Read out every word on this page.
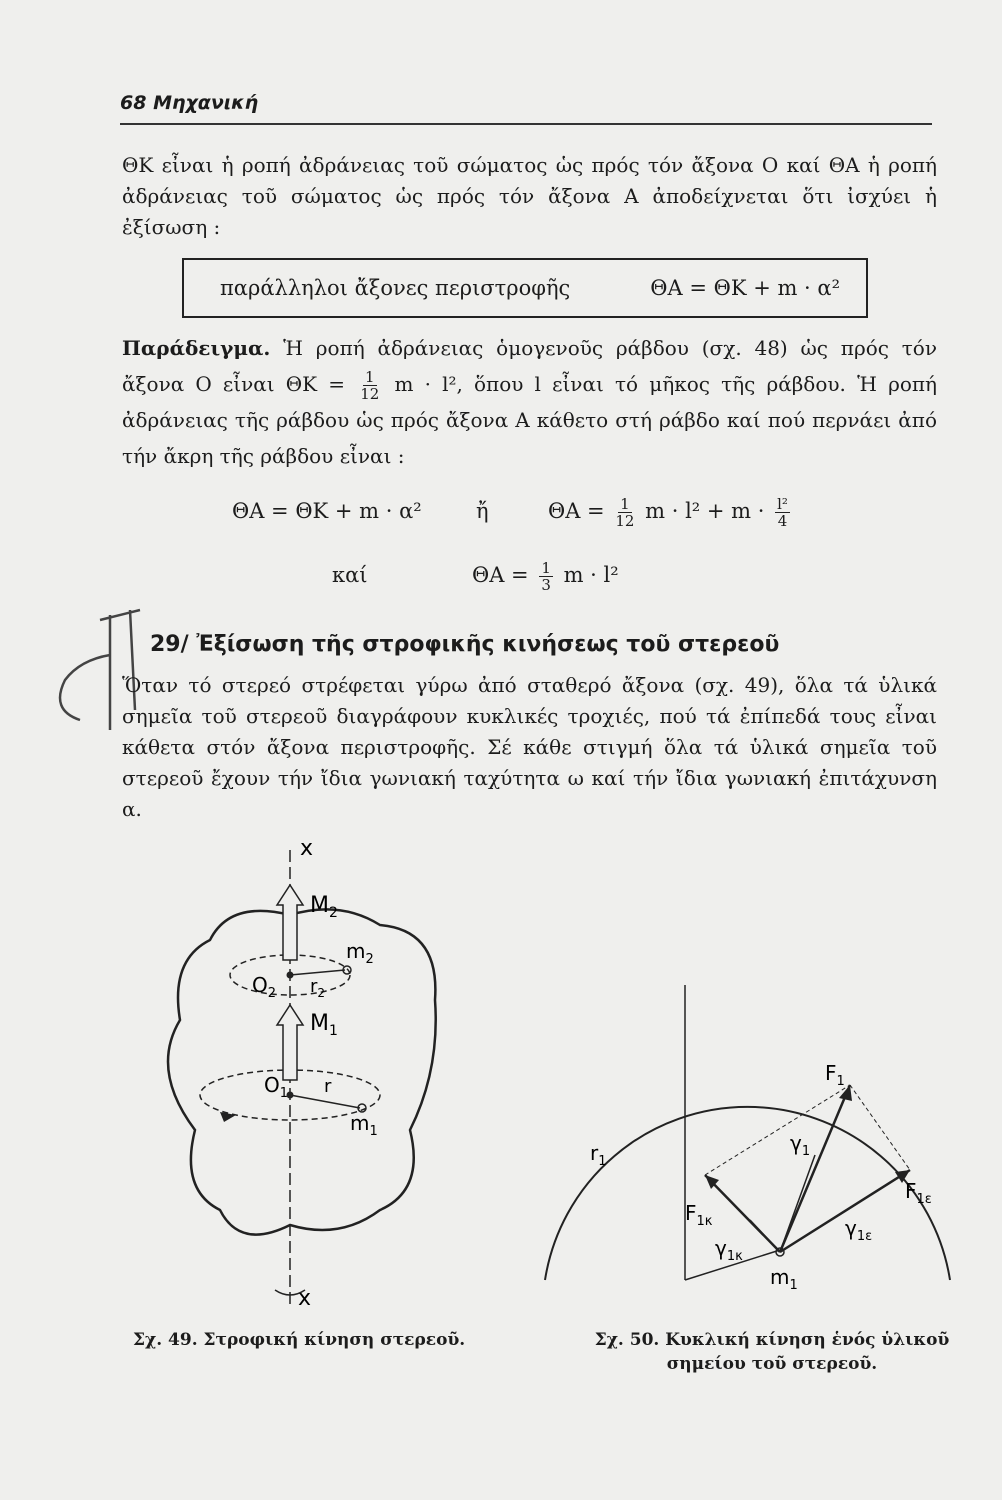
68 Μηχανική
ΘK εἶναι ἡ ροπή ἀδράνειας τοῦ σώματος ὡς πρός τόν ἄξονα Ο καί ΘA ἡ ροπή ἀδράνειας τοῦ σώματος ὡς πρός τόν ἄξονα Α ἀποδείχνεται ὅτι ἰσχύει ἡ ἐξίσωση :
παράλληλοι ἄξονες περιστροφῆς	ΘA = ΘK + m · α²
Παράδειγμα. Ἡ ροπή ἀδράνειας ὁμογενοῦς ράβδου (σχ. 48) ὡς πρός τόν ἄξονα Ο εἶναι $\Theta K = \frac{1}{12}$ m · l², ὅπου l εἶναι τό μῆκος τῆς ράβδου. Ἡ ροπή ἀδράνειας τῆς ράβδου ὡς πρός ἄξονα Α κάθετο στή ράβδο καί πού περνάει ἀπό τήν ἄκρη τῆς ράβδου εἶναι :
ΘA = ΘK + m · α²	ἤ	$\Theta A = \frac{1}{12}$ $m \cdot l^2 + m \cdot \frac{\text{l²}}{4}$
καί	$\Theta A = \frac{1}{3}$ m · l²
29/ Ἐξίσωση τῆς στροφικῆς κινήσεως τοῦ στερεοῦ
Ὅταν τό στερεό στρέφεται γύρω ἀπό σταθερό ἄξονα (σχ. 49), ὅλα τά ὑλικά σημεῖα τοῦ στερεοῦ διαγράφουν κυκλικές τροχιές, πού τά ἐπίπεδά τους εἶναι κάθετα στόν ἄξονα περιστροφῆς. Σέ κάθε στιγμή ὅλα τά ὑλικά σημεῖα τοῦ στερεοῦ ἔχουν τήν ἴδια γωνιακή ταχύτητα ω καί τήν ἴδια γωνιακή ἐπιτάχυνση α.
x
x
$M_2$
$m_2$
$O_2$ $r_2$
$M_1$
$O_1$ r
$m_1$
$F_1$
$r_1$
$\gamma_1$
$F_{1\varepsilon}$
$F_{1\kappa}$	$\gamma_{1\varepsilon}$
$\gamma_{1\kappa}$
$m_1$
Σχ. 49. Στροφική κίνηση στερεοῦ.	Σχ. 50. Κυκλική κίνηση ἑνός ὑλικοῦ
σημείου τοῦ στερεοῦ.
